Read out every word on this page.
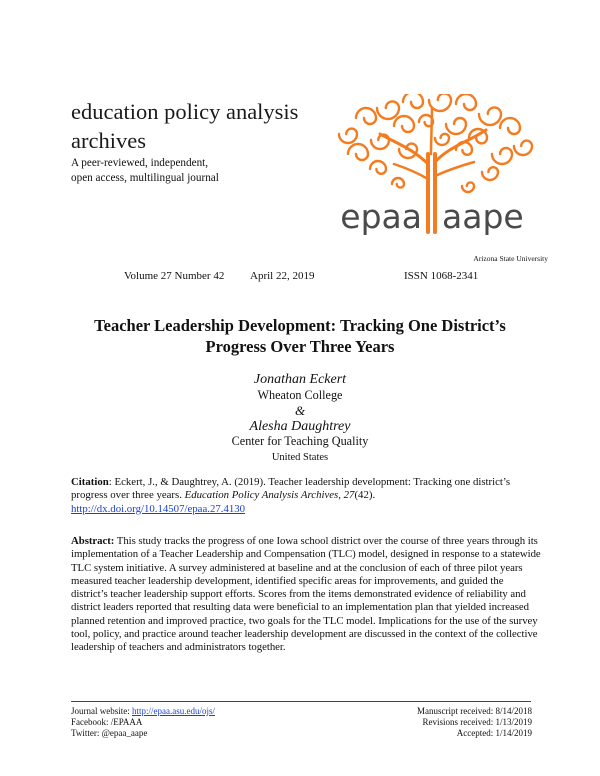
education policy analysis
archives
A peer-reviewed, independent,
open access, multilingual journal
epaa aape
Arizona State University
Volume 27 Number 42 April 22, 2019	ISSN 1068-2341
Teacher Leadership Development: Tracking One District’s
Progress Over Three Years
Jonathan Eckert
Wheaton College
&
Alesha Daughtrey
Center for Teaching Quality
United States
Citation: Eckert, J., & Daughtrey, A. (2019). Teacher leadership development: Tracking one district’s progress over three years. Education Policy Analysis Archives, 27(42).
http://dx.doi.org/10.14507/epaa.27.4130
Abstract: This study tracks the progress of one Iowa school district over the course of three years through its implementation of a Teacher Leadership and Compensation (TLC) model, designed in response to a statewide TLC system initiative. A survey administered at baseline and at the conclusion of each of three pilot years measured teacher leadership development, identified specific areas for improvements, and guided the district’s teacher leadership support efforts. Scores from the items demonstrated evidence of reliability and district leaders reported that resulting data were beneficial to an implementation plan that yielded increased planned retention and improved practice, two goals for the TLC model. Implications for the use of the survey tool, policy, and practice around teacher leadership development are discussed in the context of the collective leadership of teachers and administrators together.
Journal website: http://epaa.asu.edu/ojs/
Facebook: /EPAAA
Twitter: @epaa_aape
Manuscript received: 8/14/2018
Revisions received: 1/13/2019
Accepted: 1/14/2019
